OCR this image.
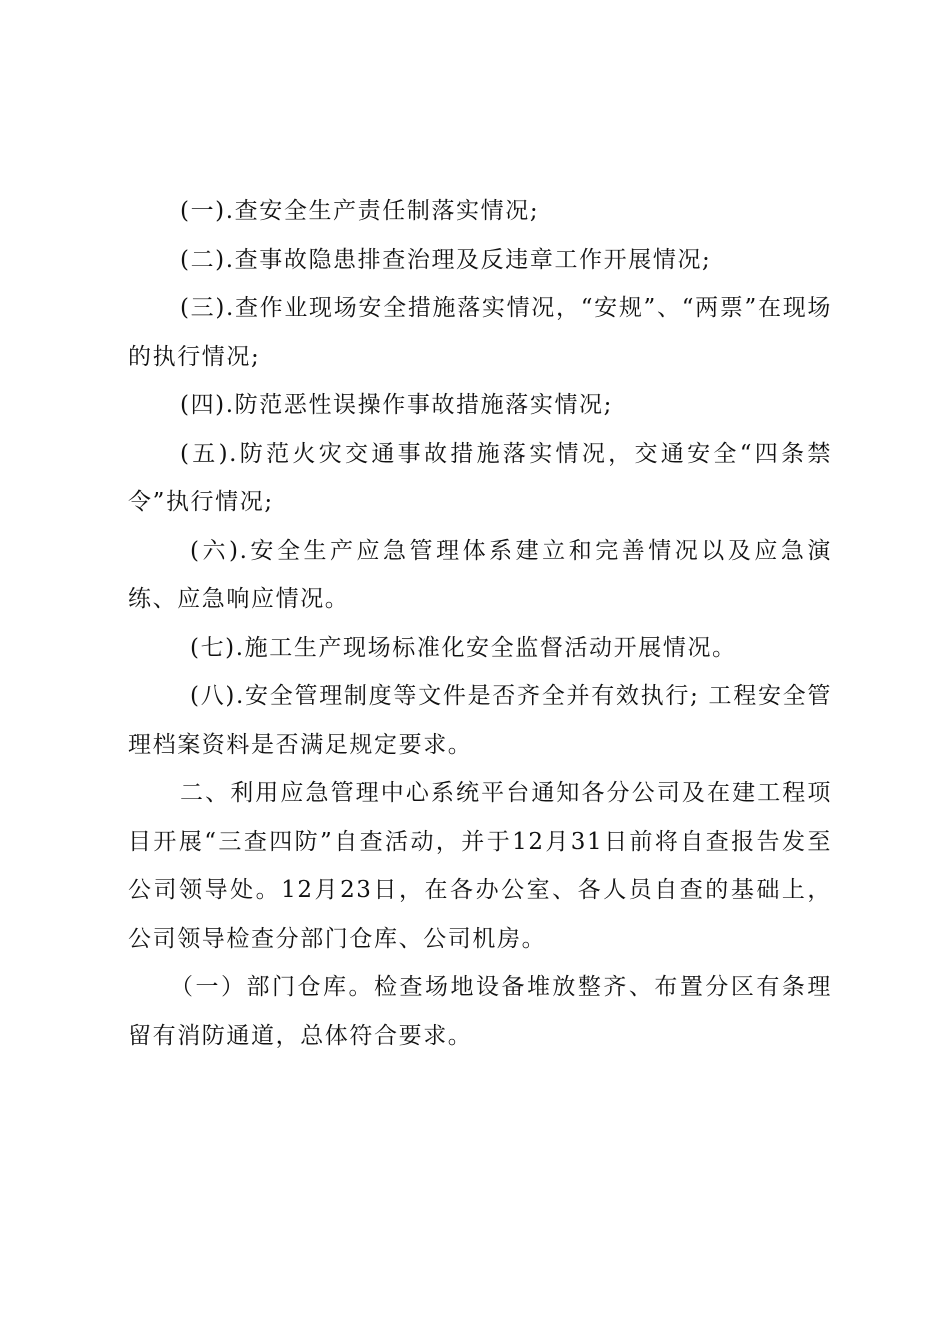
(一).查安全生产责任制落实情况;

(二).查事故隐患排查治理及反违章工作开展情况;

(三).查作业现场安全措施落实情况，“安规”、“两票”在现场的执行情况;

(四).防范恶性误操作事故措施落实情况;

(五).防范火灾交通事故措施落实情况，交通安全“四条禁令”执行情况;

(六).安全生产应急管理体系建立和完善情况以及应急演练、应急响应情况。

(七).施工生产现场标准化安全监督活动开展情况。

(八).安全管理制度等文件是否齐全并有效执行; 工程安全管理档案资料是否满足规定要求。

二、利用应急管理中心系统平台通知各分公司及在建工程项目开展“三查四防”自查活动，并于12月31日前将自查报告发至公司领导处。12月23日，在各办公室、各人员自查的基础上，公司领导检查分部门仓库、公司机房。

（一）部门仓库。检查场地设备堆放整齐、布置分区有条理留有消防通道，总体符合要求。
